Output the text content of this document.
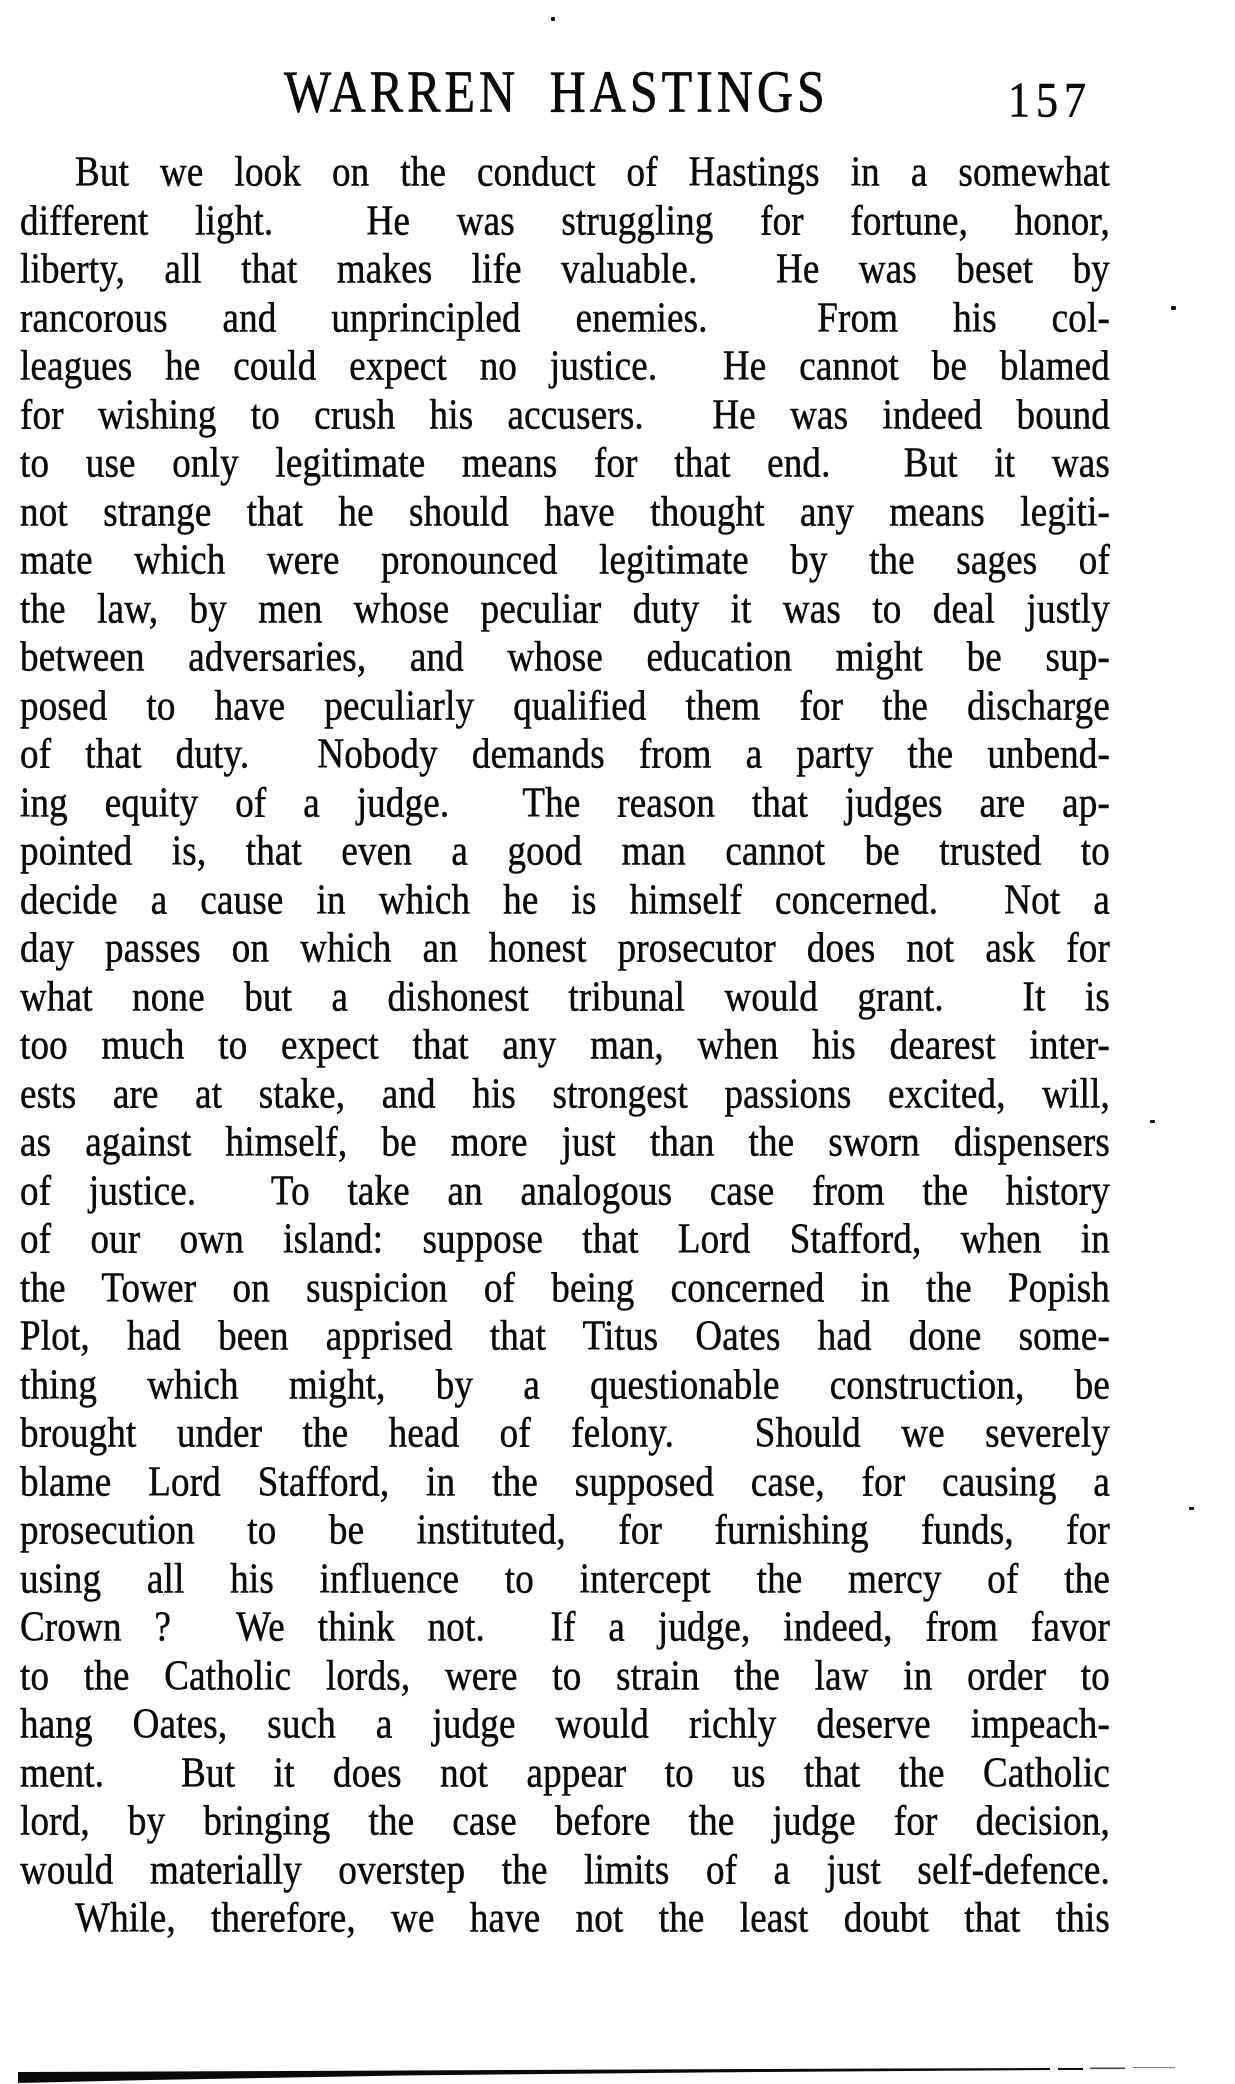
WARREN HASTINGS	157
But we look on the conduct of Hastings in a somewhat
different light.  He was struggling for fortune, honor,
liberty, all that makes life valuable.  He was beset by
rancorous and unprincipled enemies.  From his col-
leagues he could expect no justice.  He cannot be blamed
for wishing to crush his accusers.  He was indeed bound
to use only legitimate means for that end.  But it was
not strange that he should have thought any means legiti-
mate which were pronounced legitimate by the sages of
the law, by men whose peculiar duty it was to deal justly
between adversaries, and whose education might be sup-
posed to have peculiarly qualified them for the discharge
of that duty.  Nobody demands from a party the unbend-
ing equity of a judge.  The reason that judges are ap-
pointed is, that even a good man cannot be trusted to
decide a cause in which he is himself concerned.  Not a
day passes on which an honest prosecutor does not ask for
what none but a dishonest tribunal would grant.  It is
too much to expect that any man, when his dearest inter-
ests are at stake, and his strongest passions excited, will,
as against himself, be more just than the sworn dispensers
of justice.  To take an analogous case from the history
of our own island: suppose that Lord Stafford, when in
the Tower on suspicion of being concerned in the Popish
Plot, had been apprised that Titus Oates had done some-
thing which might, by a questionable construction, be
brought under the head of felony.  Should we severely
blame Lord Stafford, in the supposed case, for causing a
prosecution to be instituted, for furnishing funds, for
using all his influence to intercept the mercy of the
Crown ?  We think not.  If a judge, indeed, from favor
to the Catholic lords, were to strain the law in order to
hang Oates, such a judge would richly deserve impeach-
ment.  But it does not appear to us that the Catholic
lord, by bringing the case before the judge for decision,
would materially overstep the limits of a just self-defence.
While, therefore, we have not the least doubt that this
